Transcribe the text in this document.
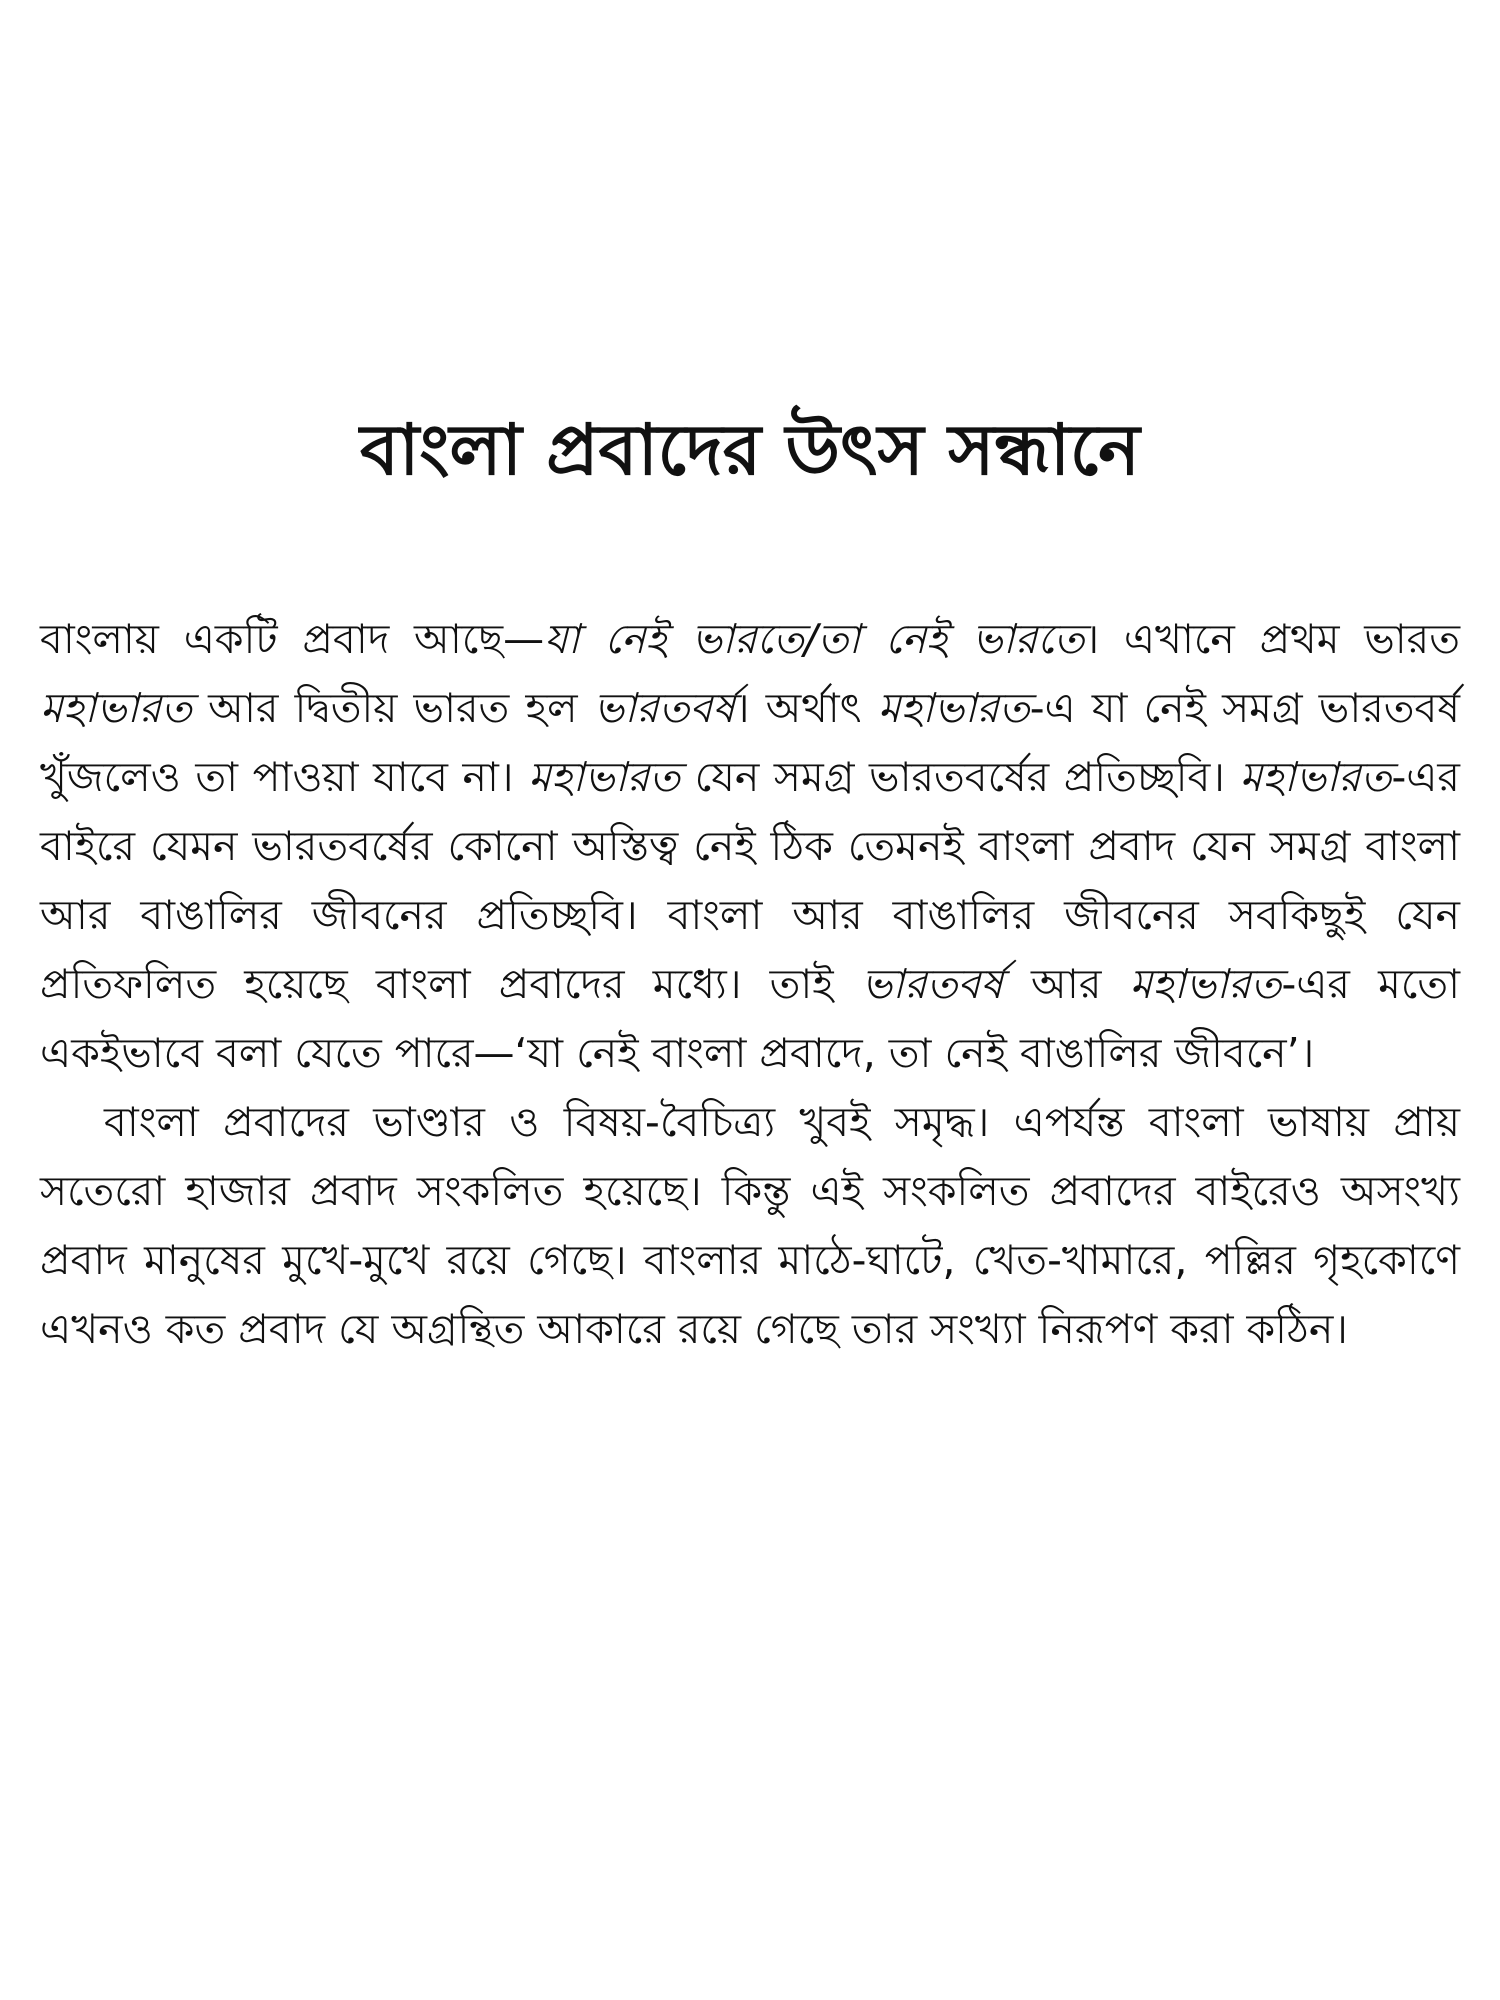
বাংলা প্রবাদের উৎস সন্ধানে

বাংলায় একটি প্রবাদ আছে—যা নেই ভারতে/তা নেই ভারতে। এখানে প্রথম ভারত মহাভারত আর দ্বিতীয় ভারত হল ভারতবর্ষ। অর্থাৎ মহাভারত-এ যা নেই সমগ্র ভারতবর্ষ খুঁজলেও তা পাওয়া যাবে না। মহাভারত যেন সমগ্র ভারতবর্ষের প্রতিচ্ছবি। মহাভারত-এর বাইরে যেমন ভারতবর্ষের কোনো অস্তিত্ব নেই ঠিক তেমনই বাংলা প্রবাদ যেন সমগ্র বাংলা আর বাঙালির জীবনের প্রতিচ্ছবি। বাংলা আর বাঙালির জীবনের সবকিছুই যেন প্রতিফলিত হয়েছে বাংলা প্রবাদের মধ্যে। তাই ভারতবর্ষ আর মহাভারত-এর মতো একইভাবে বলা যেতে পারে—‘যা নেই বাংলা প্রবাদে, তা নেই বাঙালির জীবনে’।

বাংলা প্রবাদের ভাণ্ডার ও বিষয়-বৈচিত্র্য খুবই সমৃদ্ধ। এপর্যন্ত বাংলা ভাষায় প্রায় সতেরো হাজার প্রবাদ সংকলিত হয়েছে। কিন্তু এই সংকলিত প্রবাদের বাইরেও অসংখ্য প্রবাদ মানুষের মুখে-মুখে রয়ে গেছে। বাংলার মাঠে-ঘাটে, খেত-খামারে, পল্লির গৃহকোণে এখনও কত প্রবাদ যে অগ্রন্থিত আকারে রয়ে গেছে তার সংখ্যা নিরূপণ করা কঠিন।
